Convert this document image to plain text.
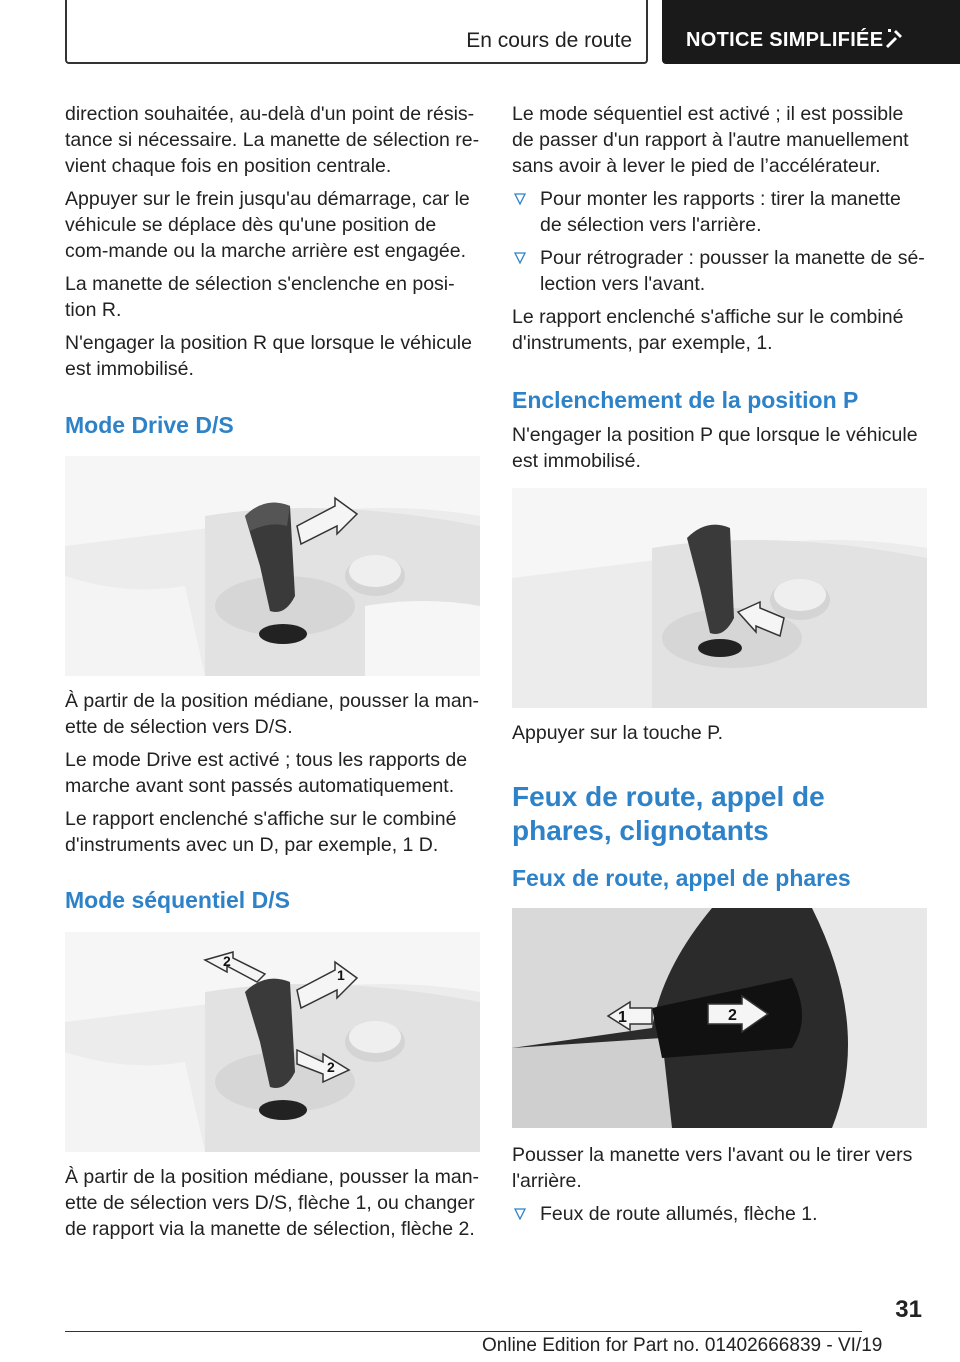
En cours de route	NOTICE SIMPLIFIÉE

direction souhaitée, au-delà d'un point de résis-tance si nécessaire. La manette de sélection re-vient chaque fois en position centrale.

Appuyer sur le frein jusqu'au démarrage, car le véhicule se déplace dès qu'une position de com-mande ou la marche arrière est engagée.

La manette de sélection s'enclenche en posi-tion R.

N'engager la position R que lorsque le véhicule est immobilisé.

Mode Drive D/S

À partir de la position médiane, pousser la man-ette de sélection vers D/S.

Le mode Drive est activé ; tous les rapports de marche avant sont passés automatiquement.

Le rapport enclenché s'affiche sur le combiné d'instruments avec un D, par exemple, 1 D.

Mode séquentiel D/S
2
1
2

À partir de la position médiane, pousser la man-ette de sélection vers D/S, flèche 1, ou changer de rapport via la manette de sélection, flèche 2.

Le mode séquentiel est activé ; il est possible de passer d'un rapport à l'autre manuellement sans avoir à lever le pied de l’accélérateur.

Pour monter les rapports : tirer la manette de sélection vers l'arrière.
Pour rétrograder : pousser la manette de sé-lection vers l'avant.

Le rapport enclenché s'affiche sur le combiné d'instruments, par exemple, 1.

Enclenchement de la position P

N'engager la position P que lorsque le véhicule est immobilisé.

Appuyer sur la touche P.

Feux de route, appel de phares, clignotants
Feux de route, appel de phares
1	2

Pousser la manette vers l'avant ou le tirer vers l'arrière.

Feux de route allumés, flèche 1.
31
Online Edition for Part no. 01402666839 - VI/19
